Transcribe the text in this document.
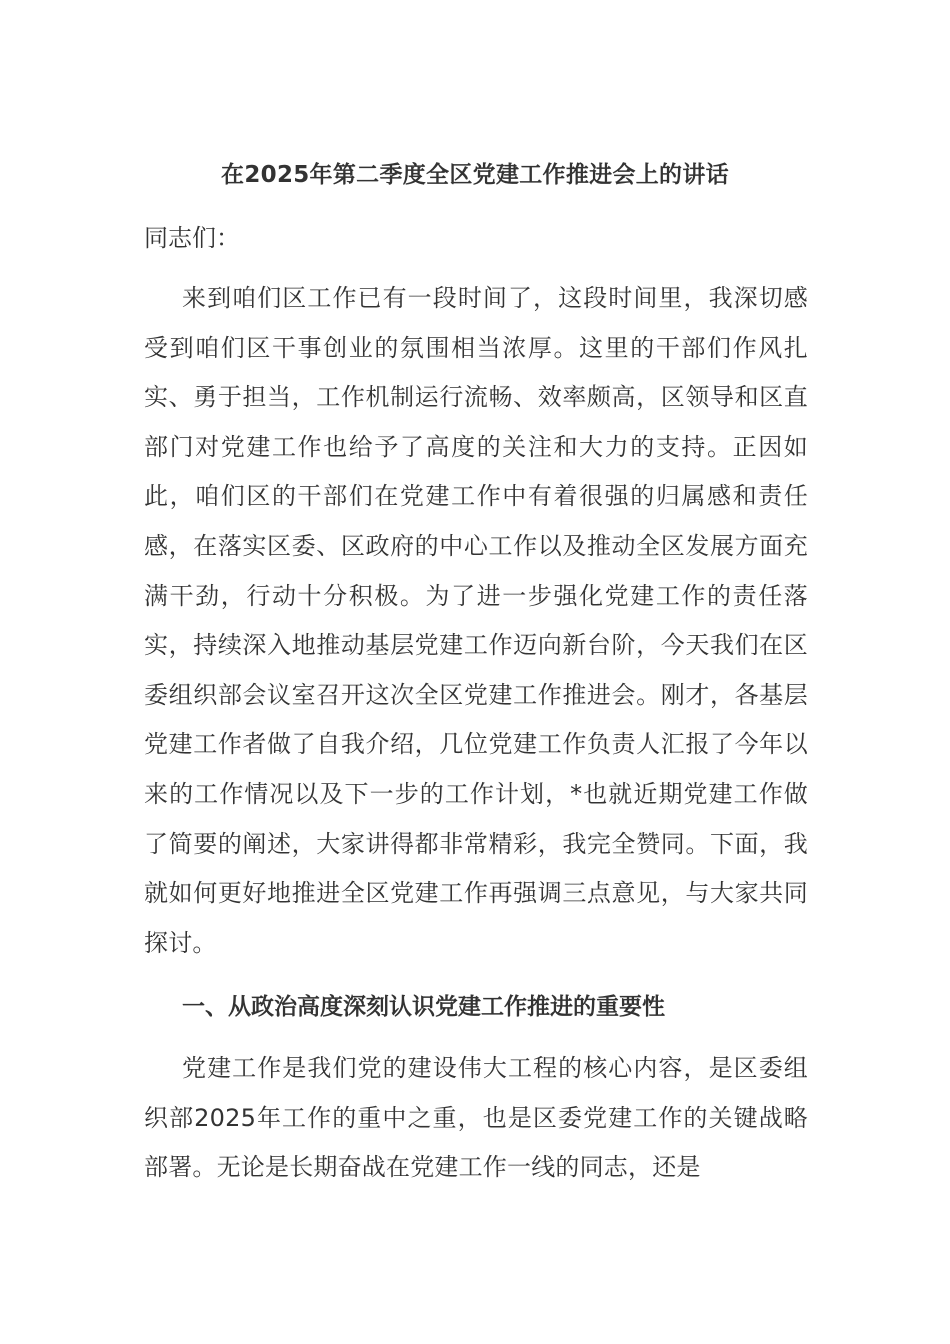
在2025年第二季度全区党建工作推进会上的讲话
同志们：

来到咱们区工作已有一段时间了，这段时间里，我深切感受到咱们区干事创业的氛围相当浓厚。这里的干部们作风扎实、勇于担当，工作机制运行流畅、效率颇高，区领导和区直部门对党建工作也给予了高度的关注和大力的支持。正因如此，咱们区的干部们在党建工作中有着很强的归属感和责任感，在落实区委、区政府的中心工作以及推动全区发展方面充满干劲，行动十分积极。为了进一步强化党建工作的责任落实，持续深入地推动基层党建工作迈向新台阶，今天我们在区委组织部会议室召开这次全区党建工作推进会。刚才，各基层党建工作者做了自我介绍，几位党建工作负责人汇报了今年以来的工作情况以及下一步的工作计划，*也就近期党建工作做了简要的阐述，大家讲得都非常精彩，我完全赞同。下面，我就如何更好地推进全区党建工作再强调三点意见，与大家共同探讨。

一、从政治高度深刻认识党建工作推进的重要性

党建工作是我们党的建设伟大工程的核心内容，是区委组织部2025年工作的重中之重，也是区委党建工作的关键战略部署。无论是长期奋战在党建工作一线的同志，还是
